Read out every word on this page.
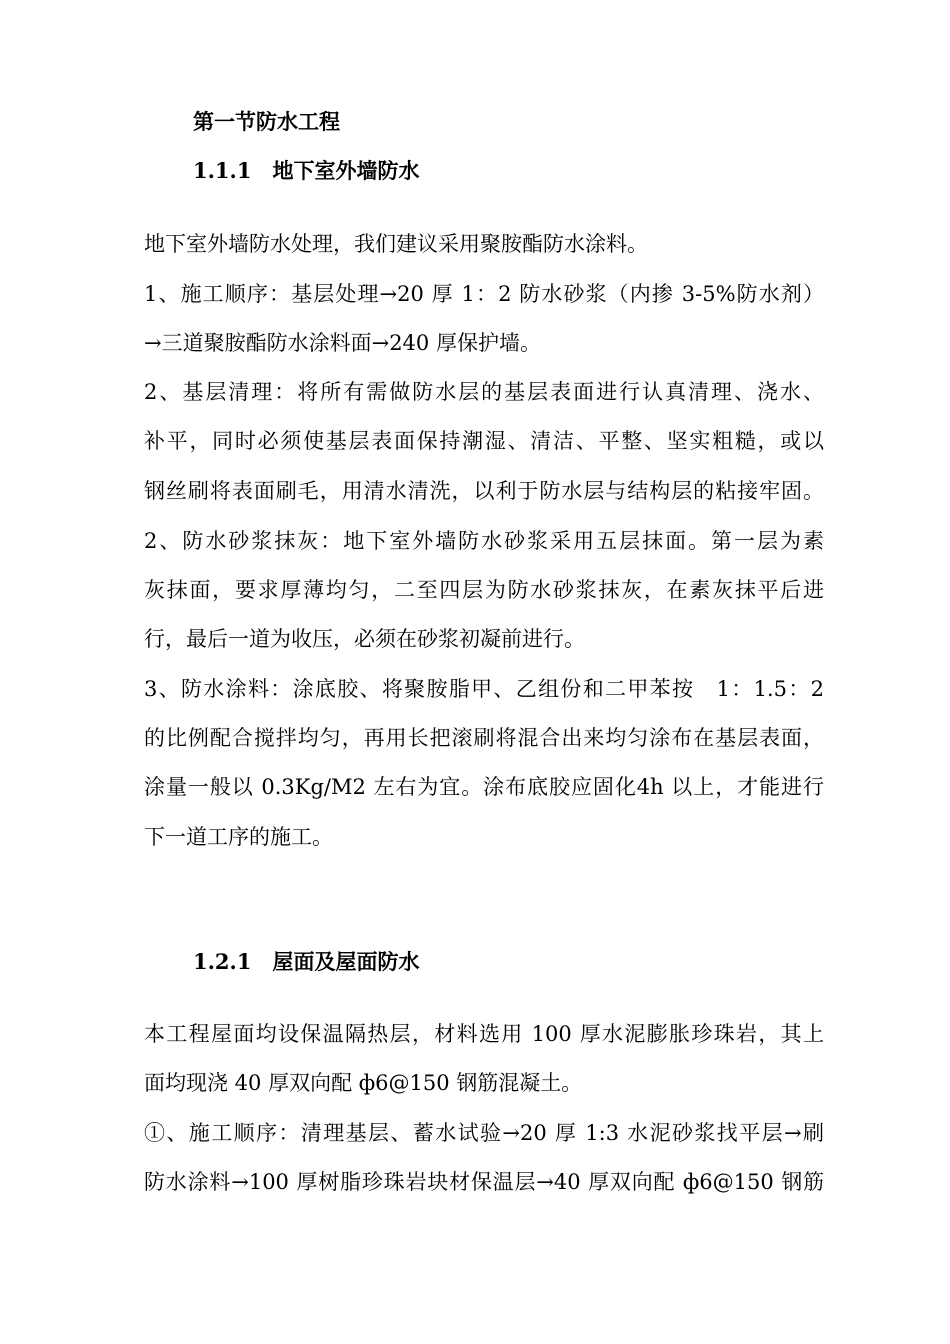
第一节防水工程
1.1.1　地下室外墙防水
地下室外墙防水处理，我们建议采用聚胺酯防水涂料。
1、施工顺序：基层处理→20 厚 1：2 防水砂浆（内掺 3-5%防水剂）
→三道聚胺酯防水涂料面→240 厚保护墙。
2、基层清理：将所有需做防水层的基层表面进行认真清理、浇水、
补平，同时必须使基层表面保持潮湿、清洁、平整、坚实粗糙，或以
钢丝刷将表面刷毛，用清水清洗，以利于防水层与结构层的粘接牢固。
2、防水砂浆抹灰：地下室外墙防水砂浆采用五层抹面。第一层为素
灰抹面，要求厚薄均匀，二至四层为防水砂浆抹灰，在素灰抹平后进
行，最后一道为收压，必须在砂浆初凝前进行。
3、防水涂料：涂底胶、将聚胺脂甲、乙组份和二甲苯按　1：1.5：2
的比例配合搅拌均匀，再用长把滚刷将混合出来均匀涂布在基层表面，
涂量一般以 0.3Kg/M2 左右为宜。涂布底胶应固化4h 以上，才能进行
下一道工序的施工。
1.2.1　屋面及屋面防水
本工程屋面均设保温隔热层，材料选用 100 厚水泥膨胀珍珠岩，其上
面均现浇 40 厚双向配 ф6@150 钢筋混凝土。
①、施工顺序：清理基层、蓄水试验→20 厚 1:3 水泥砂浆找平层→刷
防水涂料→100 厚树脂珍珠岩块材保温层→40 厚双向配 ф6@150 钢筋
